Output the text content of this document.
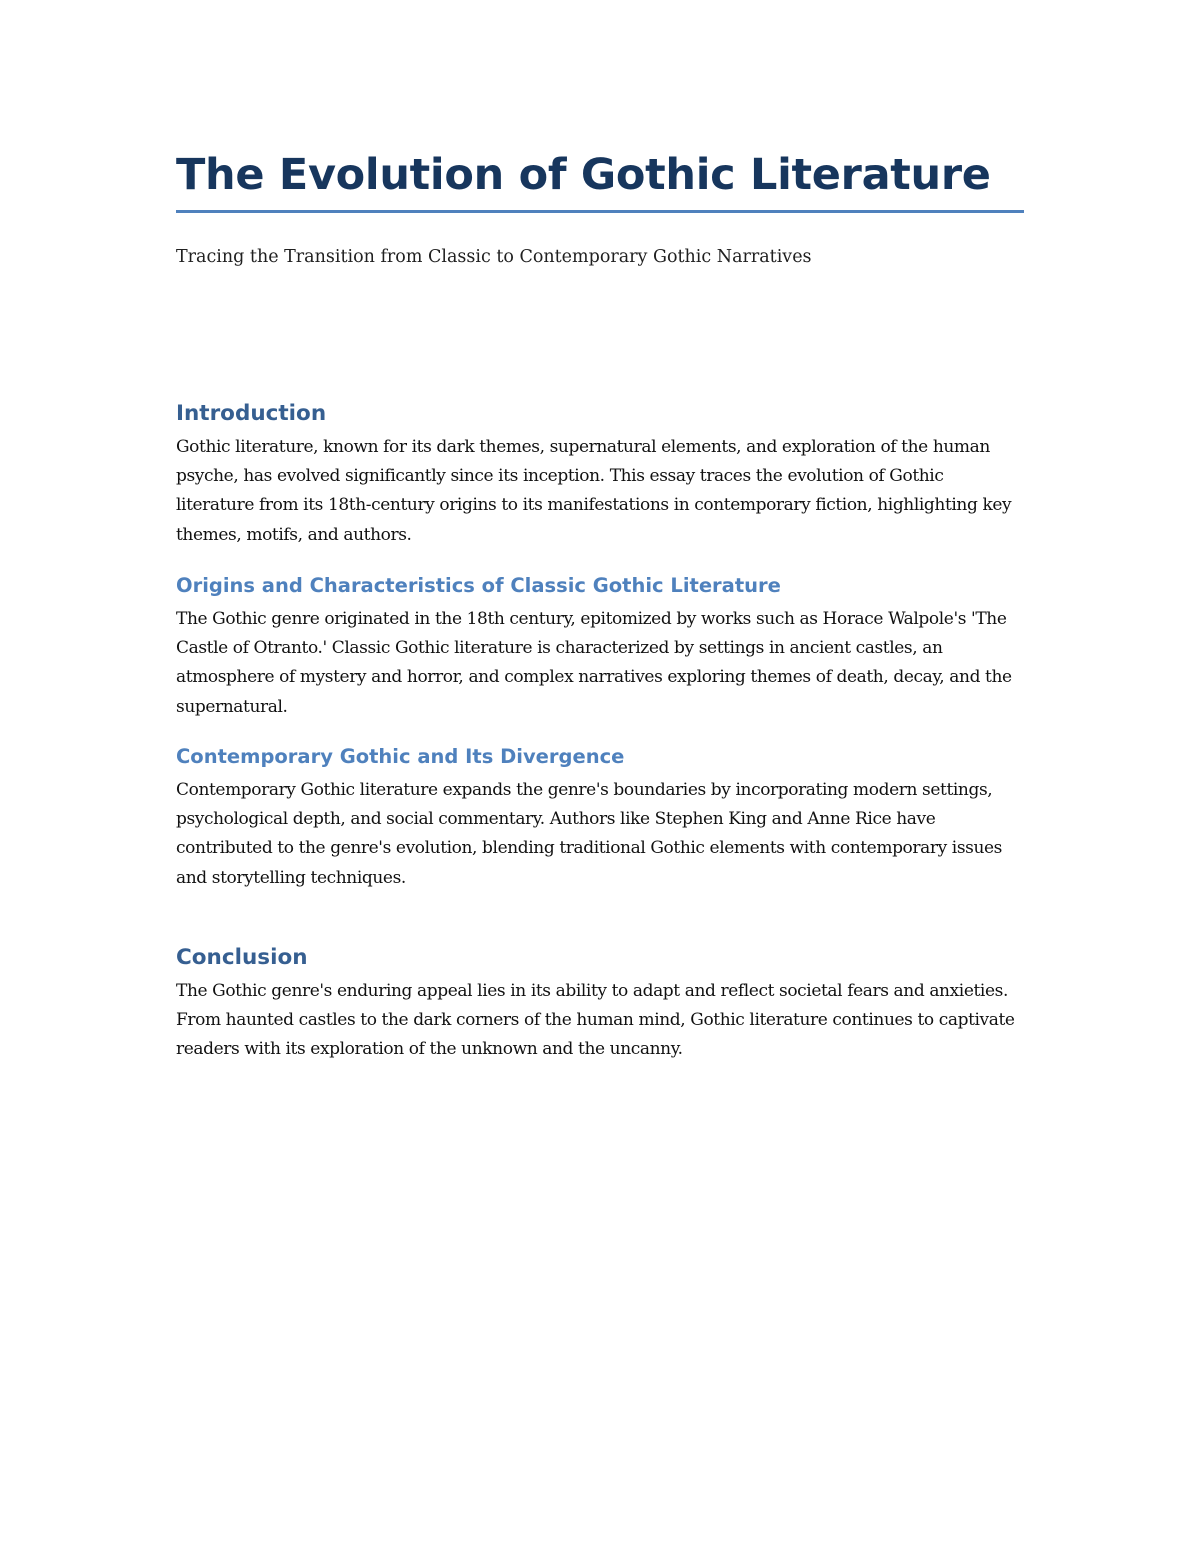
The Evolution of Gothic Literature
Tracing the Transition from Classic to Contemporary Gothic Narratives
Introduction

Gothic literature, known for its dark themes, supernatural elements, and exploration of the human psyche, has evolved significantly since its inception. This essay traces the evolution of Gothic literature from its 18th-century origins to its manifestations in contemporary fiction, highlighting key themes, motifs, and authors.

Origins and Characteristics of Classic Gothic Literature

The Gothic genre originated in the 18th century, epitomized by works such as Horace Walpole's 'The Castle of Otranto.' Classic Gothic literature is characterized by settings in ancient castles, an atmosphere of mystery and horror, and complex narratives exploring themes of death, decay, and the supernatural.

Contemporary Gothic and Its Divergence

Contemporary Gothic literature expands the genre's boundaries by incorporating modern settings, psychological depth, and social commentary. Authors like Stephen King and Anne Rice have contributed to the genre's evolution, blending traditional Gothic elements with contemporary issues and storytelling techniques.

Conclusion

The Gothic genre's enduring appeal lies in its ability to adapt and reflect societal fears and anxieties. From haunted castles to the dark corners of the human mind, Gothic literature continues to captivate readers with its exploration of the unknown and the uncanny.
